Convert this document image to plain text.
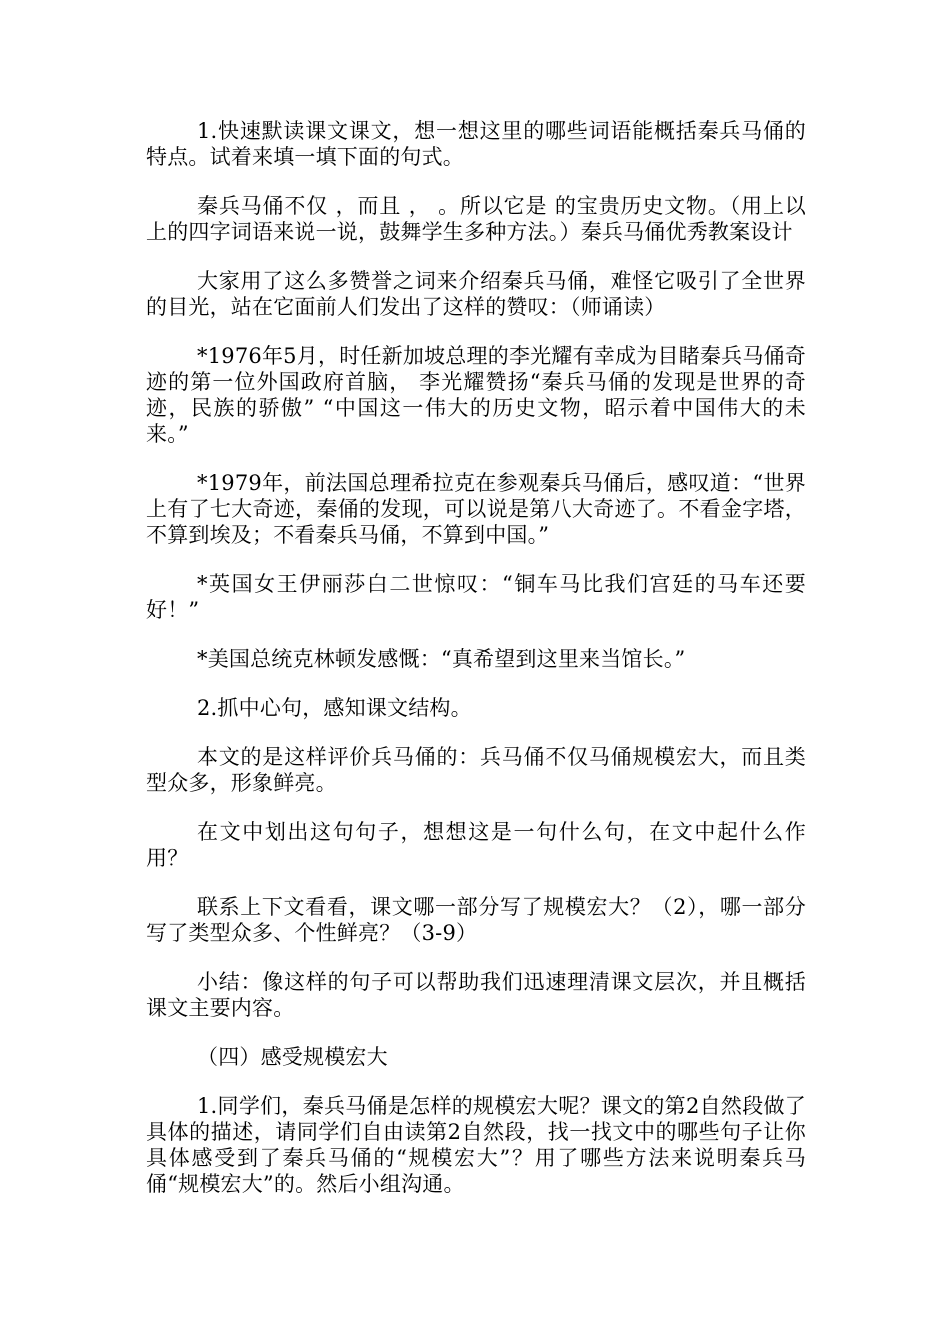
1.快速默读课文课文，想一想这里的哪些词语能概括秦兵马俑的特点。试着来填一填下面的句式。

秦兵马俑不仅 ，而且 ， 。所以它是 的宝贵历史文物。（用上以上的四字词语来说一说，鼓舞学生多种方法。）秦兵马俑优秀教案设计

大家用了这么多赞誉之词来介绍秦兵马俑，难怪它吸引了全世界的目光，站在它面前人们发出了这样的赞叹：（师诵读）

*1976年5月，时任新加坡总理的李光耀有幸成为目睹秦兵马俑奇迹的第一位外国政府首脑， 李光耀赞扬“秦兵马俑的发现是世界的奇迹，民族的骄傲” “中国这一伟大的历史文物，昭示着中国伟大的未来。”

*1979年，前法国总理希拉克在参观秦兵马俑后，感叹道：“世界上有了七大奇迹，秦俑的发现，可以说是第八大奇迹了。不看金字塔，不算到埃及；不看秦兵马俑，不算到中国。”

*英国女王伊丽莎白二世惊叹：“铜车马比我们宫廷的马车还要好！”

*美国总统克林顿发感慨：“真希望到这里来当馆长。”

2.抓中心句，感知课文结构。

本文的是这样评价兵马俑的：兵马俑不仅马俑规模宏大，而且类型众多，形象鲜亮。

在文中划出这句句子，想想这是一句什么句，在文中起什么作用？

联系上下文看看，课文哪一部分写了规模宏大？（2），哪一部分写了类型众多、个性鲜亮？（3-9）

小结：像这样的句子可以帮助我们迅速理清课文层次，并且概括课文主要内容。

（四）感受规模宏大

1.同学们，秦兵马俑是怎样的规模宏大呢？课文的第2自然段做了具体的描述，请同学们自由读第2自然段，找一找文中的哪些句子让你具体感受到了秦兵马俑的“规模宏大”？用了哪些方法来说明秦兵马俑“规模宏大”的。然后小组沟通。
